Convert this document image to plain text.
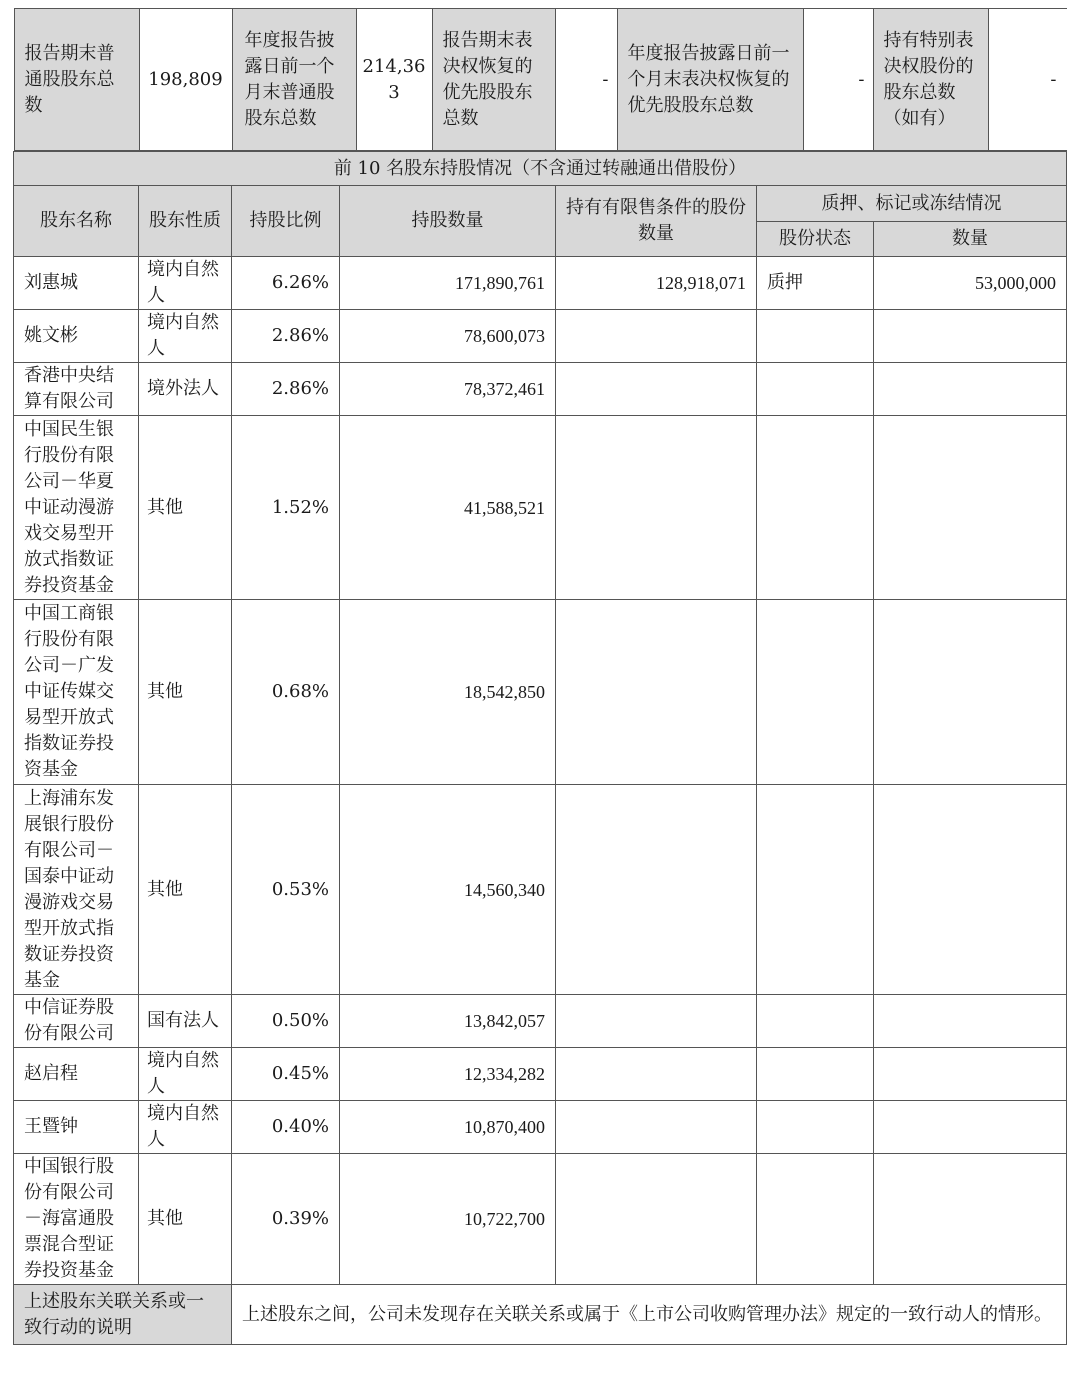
报告期末普通股股东总数	198,809	年度报告披露日前一个月末普通股股东总数	214,363	报告期末表决权恢复的优先股股东总数	-	年度报告披露日前一个月末表决权恢复的优先股股东总数	-	持有特别表决权股份的股东总数（如有）	-

前 10 名股东持股情况（不含通过转融通出借股份）
股东名称	股东性质	持股比例	持股数量	持有有限售条件的股份数量	质押、标记或冻结情况
股份状态	数量
刘惠城	境内自然人	6.26%	171,890,761	128,918,071	质押	53,000,000
姚文彬	境内自然人	2.86%	78,600,073			
香港中央结算有限公司	境外法人	2.86%	78,372,461			
中国民生银行股份有限公司－华夏中证动漫游戏交易型开放式指数证券投资基金	其他	1.52%	41,588,521			
中国工商银行股份有限公司－广发中证传媒交易型开放式指数证券投资基金	其他	0.68%	18,542,850			
上海浦东发展银行股份有限公司－国泰中证动漫游戏交易型开放式指数证券投资基金	其他	0.53%	14,560,340			
中信证券股份有限公司	国有法人	0.50%	13,842,057			
赵启程	境内自然人	0.45%	12,334,282			
王暨钟	境内自然人	0.40%	10,870,400			
中国银行股份有限公司－海富通股票混合型证券投资基金	其他	0.39%	10,722,700			
上述股东关联关系或一致行动的说明	上述股东之间，公司未发现存在关联关系或属于《上市公司收购管理办法》规定的一致行动人的情形。
